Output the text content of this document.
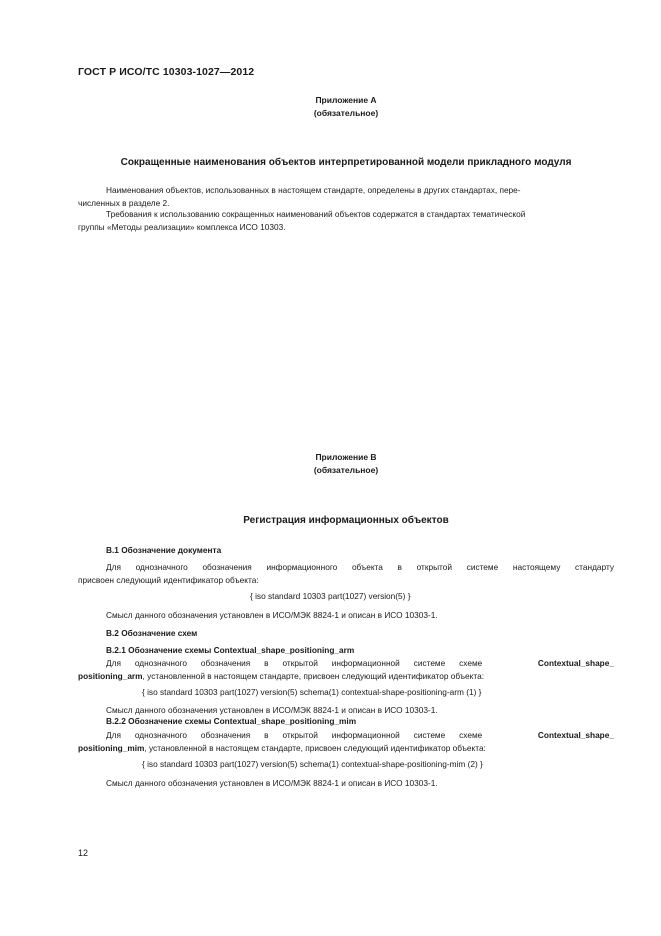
ГОСТ Р ИСО/ТС 10303-1027—2012
Приложение А
(обязательное)
Сокращенные наименования объектов интерпретированной модели прикладного модуля
Наименования объектов, использованных в настоящем стандарте, определены в других стандартах, пере-
численных в разделе 2.
Требования к использованию сокращенных наименований объектов содержатся в стандартах тематической
группы «Методы реализации» комплекса ИСО 10303.
Приложение В
(обязательное)
Регистрация информационных объектов
В.1 Обозначение документа
Для однозначного обозначения информационного объекта в открытой системе настоящему стандарту
присвоен следующий идентификатор объекта:
{ iso standard 10303 part(1027) version(5) }
Смысл данного обозначения установлен в ИСО/МЭК 8824-1 и описан в ИСО 10303-1.
В.2 Обозначение схем
В.2.1 Обозначение схемы Contextual_shape_positioning_arm
Для однозначного обозначения в открытой информационной системе схеме	Contextual_shape_
positioning_arm, установленной в настоящем стандарте, присвоен следующий идентификатор объекта:
{ iso standard 10303 part(1027) version(5) schema(1) contextual-shape-positioning-arm (1) }
Смысл данного обозначения установлен в ИСО/МЭК 8824-1 и описан в ИСО 10303-1.
В.2.2 Обозначение схемы Contextual_shape_positioning_mim
Для однозначного обозначения в открытой информационной системе схеме	Contextual_shape_
positioning_mim, установленной в настоящем стандарте, присвоен следующий идентификатор объекта:
{ iso standard 10303 part(1027) version(5) schema(1) contextual-shape-positioning-mim (2) }
Смысл данного обозначения установлен в ИСО/МЭК 8824-1 и описан в ИСО 10303-1.
12
